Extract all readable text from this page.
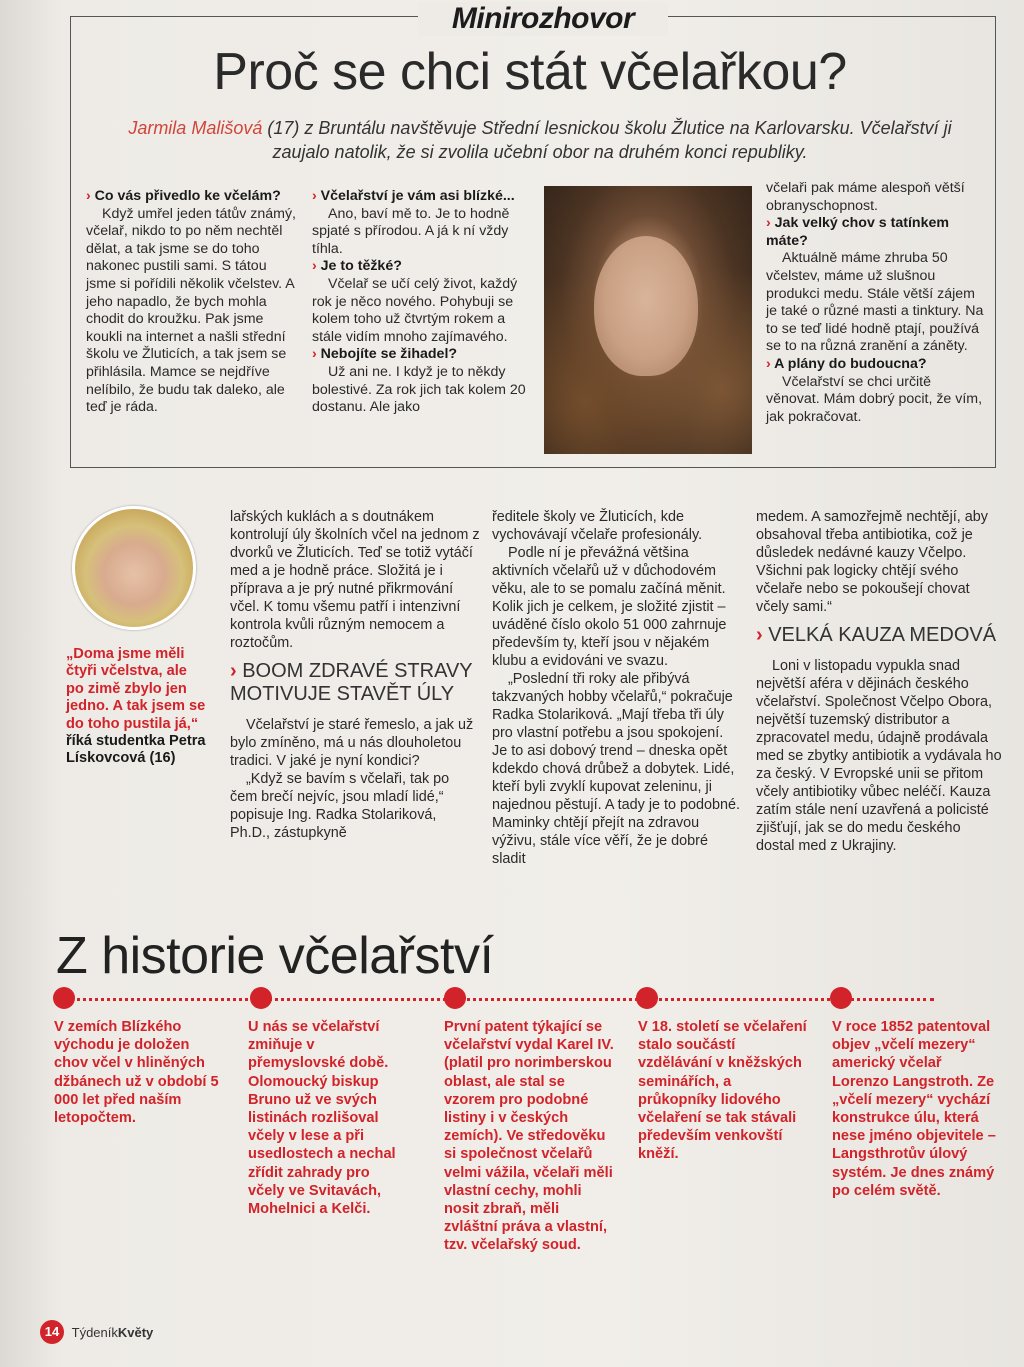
Minirozhovor
Proč se chci stát včelařkou?
Jarmila Mališová (17) z Bruntálu navštěvuje Střední lesnickou školu Žlutice na Karlovarsku. Včelařství ji zaujalo natolik, že si zvolila učební obor na druhém konci republiky.
› Co vás přivedlo ke včelám?
Když umřel jeden tátův známý, včelař, nikdo to po něm nechtěl dělat, a tak jsme se do toho nakonec pustili sami. S tátou jsme si pořídili několik včelstev. A jeho napadlo, že bych mohla chodit do kroužku. Pak jsme koukli na internet a našli střední školu ve Žluticích, a tak jsem se přihlásila. Mamce se nejdříve nelíbilo, že budu tak daleko, ale teď je ráda.
› Včelařství je vám asi blízké...
Ano, baví mě to. Je to hodně spjaté s přírodou. A já k ní vždy tíhla.
› Je to těžké?
Včelař se učí celý život, každý rok je něco nového. Pohybuji se kolem toho už čtvrtým rokem a stále vidím mnoho zajímavého.
› Nebojíte se žihadel?
Už ani ne. I když je to někdy bolestivé. Za rok jich tak kolem 20 dostanu. Ale jako
včelaři pak máme alespoň větší obranyschopnost.
› Jak velký chov s tatínkem máte?
Aktuálně máme zhruba 50 včelstev, máme už slušnou produkci medu. Stále větší zájem je také o různé masti a tinktury. Na to se teď lidé hodně ptají, používá se to na různá zranění a záněty.
› A plány do budoucna?
Včelařství se chci určitě věnovat. Mám dobrý pocit, že vím, jak pokračovat.
„Doma jsme měli čtyři včelstva, ale po zimě zbylo jen jedno. A tak jsem se do toho pustila já,“ říká studentka Petra Lískovcová (16)
lařských kuklách a s doutnákem kontrolují úly školních včel na jednom z dvorků ve Žluticích. Teď se totiž vytáčí med a je hodně práce. Složitá je i příprava a je prý nutné přikrmování včel. K tomu všemu patří i intenzivní kontrola kvůli různým nemocem a roztočům.
› BOOM ZDRAVÉ STRAVY MOTIVUJE STAVĚT ÚLY
Včelařství je staré řemeslo, a jak už bylo zmíněno, má u nás dlouholetou tradici. V jaké je nyní kondici?
„Když se bavím s včelaři, tak po čem brečí nejvíc, jsou mladí lidé,“ popisuje Ing. Radka Stolariková, Ph.D., zástupkyně
ředitele školy ve Žluticích, kde vychovávají včelaře profesionály.
Podle ní je převážná většina aktivních včelařů už v důchodovém věku, ale to se pomalu začíná měnit. Kolik jich je celkem, je složité zjistit – uváděné číslo okolo 51 000 zahrnuje především ty, kteří jsou v nějakém klubu a evidováni ve svazu.
„Poslední tři roky ale přibývá takzvaných hobby včelařů,“ pokračuje Radka Stolariková. „Mají třeba tři úly pro vlastní potřebu a jsou spokojení. Je to asi dobový trend – dneska opět kdekdo chová drůbež a dobytek. Lidé, kteří byli zvyklí kupovat zeleninu, ji najednou pěstují. A tady je to podobné. Maminky chtějí přejít na zdravou výživu, stále více věří, že je dobré sladit
medem. A samozřejmě nechtějí, aby obsahoval třeba antibiotika, což je důsledek nedávné kauzy Včelpo. Všichni pak logicky chtějí svého včelaře nebo se pokoušejí chovat včely sami.“
› VELKÁ KAUZA MEDOVÁ
Loni v listopadu vypukla snad největší aféra v dějinách českého včelařství. Společnost Včelpo Obora, největší tuzemský distributor a zpracovatel medu, údajně prodávala med se zbytky antibiotik a vydávala ho za český. V Evropské unii se přitom včely antibiotiky vůbec neléčí. Kauza zatím stále není uzavřená a policisté zjišťují, jak se do medu českého dostal med z Ukrajiny.
Z historie včelařství
V zemích Blízkého východu je doložen chov včel v hliněných džbánech už v období 5 000 let před naším letopočtem.
U nás se včelařství zmiňuje v přemyslovské době. Olomoucký biskup Bruno už ve svých listinách rozlišoval včely v lese a při usedlostech a nechal zřídit zahrady pro včely ve Svitavách, Mohelnici a Kelči.
První patent týkající se včelařství vydal Karel IV. (platil pro norimberskou oblast, ale stal se vzorem pro podobné listiny i v českých zemích). Ve středověku si společnost včelařů velmi vážila, včelaři měli vlastní cechy, mohli nosit zbraň, měli zvláštní práva a vlastní, tzv. včelařský soud.
V 18. století se včelaření stalo součástí vzdělávání v kněžských seminářích, a průkopníky lidového včelaření se tak stávali především venkovští kněží.
V roce 1852 patentoval objev „včelí mezery“ americký včelař Lorenzo Langstroth. Ze „včelí mezery“ vychází konstrukce úlu, která nese jméno objevitele – Langsthrotův úlový systém. Je dnes známý po celém světě.
14 TýdeníkKvěty
